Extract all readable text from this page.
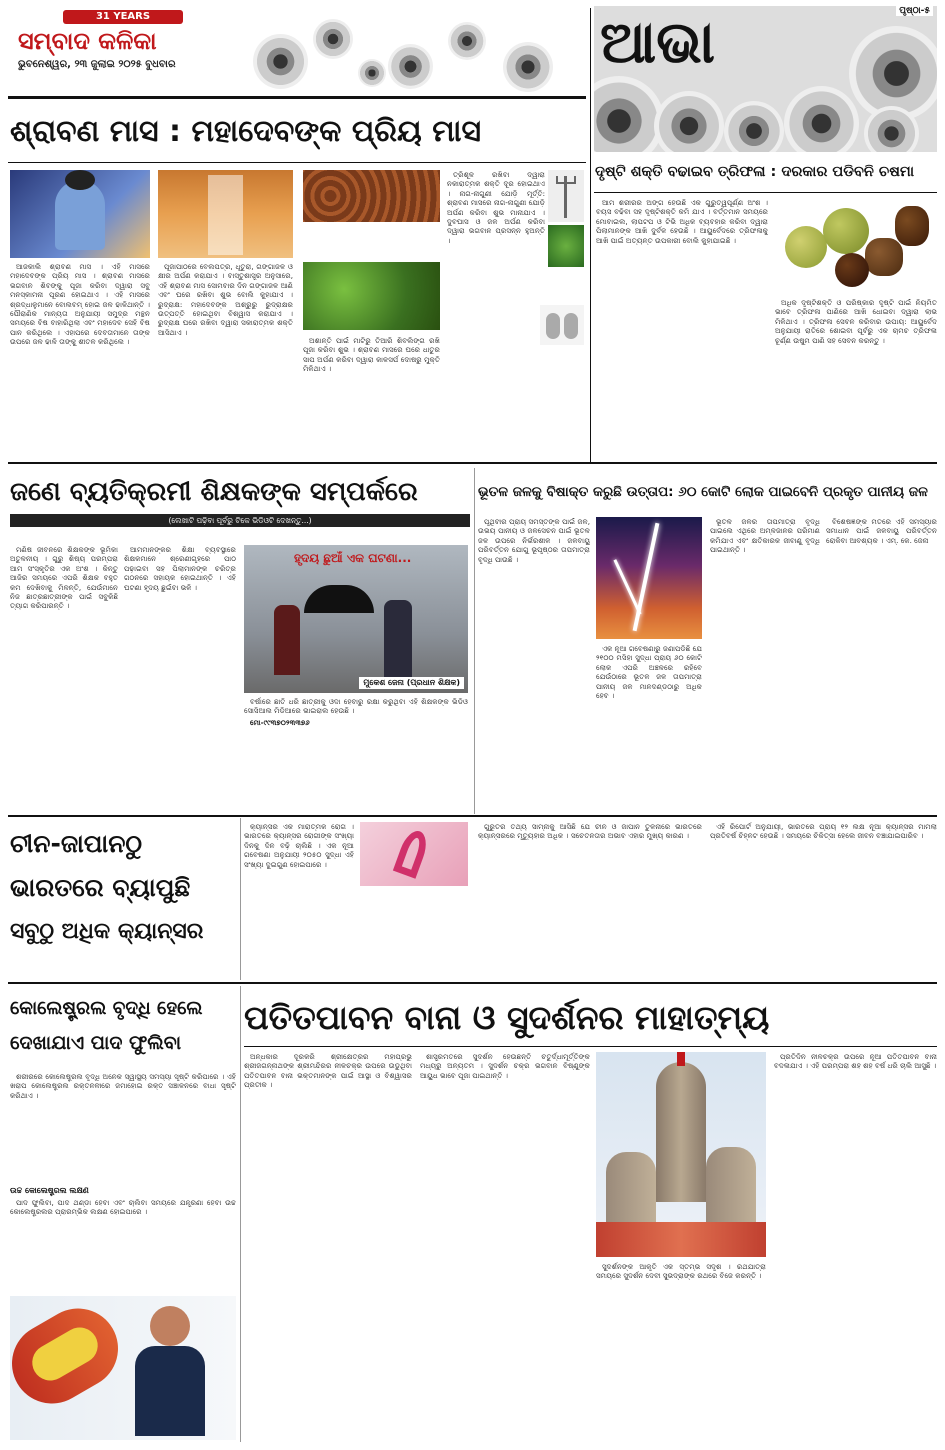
31 YEARS
ସମ୍ବାଦ କଳିକା
ଭୁବନେଶ୍ୱର, ୨୩ ଜୁଲାଇ ୨୦୨୫ ବୁଧବାର	ଆଭା	ପୃଷ୍ଠା-୫
ଶ୍ରାବଣ ମାସ : ମହାଦେବଙ୍କ ପ୍ରିୟ ମାସ

ଆଜକାଲି ଶ୍ରାବଣ ମାସ । ଏହି ମାସରେ ମହାଦେବଙ୍କ ପ୍ରିୟ ମାସ । ଶ୍ରାବଣ ମାସରେ ଭଗବାନ ଶିବଙ୍କୁ ପୂଜା କରିବା ଦ୍ୱାରା ସବୁ ମନସ୍କାମନା ପୂରଣ ହୋଇଥାଏ । ଏହି ମାସରେ ଶ୍ରଦ୍ଧାଳୁମାନେ ବୋଲବମ୍ ହୋଇ ଜଳ ଢାଳିଥାନ୍ତି । ପୌରାଣିକ ମାନ୍ୟତା ଅନୁଯାୟୀ ସମୁଦ୍ର ମନ୍ଥନ ସମୟରେ ବିଷ ବାହାରିଥିଲା ଏବଂ ମହାଦେବ ସେହି ବିଷ ପାନ କରିଥିଲେ । ଏହାପରେ ଦେବତାମାନେ ତାଙ୍କ ଉପରେ ଜଳ ଢାଳି ତାଙ୍କୁ ଶୀତଳ କରିଥିଲେ ।

ପୂଜାପାଠରେ ବେଲପତ୍ର, ଧୂତୁରା, ଗଙ୍ଗାଜଳ ଓ କ୍ଷୀର ଅର୍ପଣ କରାଯାଏ । ବାସ୍ତୁଶାସ୍ତ୍ର ଅନୁସାରେ, ଏହି ଶ୍ରାବଣ ମାସ ସୋମବାର ଦିନ ଗଙ୍ଗାଜଳ ଆଣି ଏବଂ ଘରେ ରଖିବା ଶୁଭ ବୋଲି କୁହାଯାଏ । ରୁଦ୍ରାକ୍ଷ: ମହାଦେବଙ୍କ ଅଶ୍ରୁରୁ ରୁଦ୍ରାକ୍ଷର ଉତ୍ପତ୍ତି ହୋଇଥିବା ବିଶ୍ୱାସ କରାଯାଏ । ରୁଦ୍ରାକ୍ଷ ଘରେ ରଖିବା ଦ୍ୱାରା ସକାରାତ୍ମକ ଶକ୍ତି ଆସିଥାଏ ।

ଅଶାନ୍ତି ପାଇଁ ମାଟିରୁ ତିଆରି ଶିବଲିଙ୍ଗ ରଖି ପୂଜା କରିବା ଶୁଭ । ଶ୍ରାବଣ ମାସରେ ଘରେ ଧାତୁର ସାପ ଅର୍ପଣ କରିବା ଦ୍ୱାରା କାଳସର୍ପ ଦୋଷରୁ ମୁକ୍ତି ମିଳିଥାଏ ।

ତ୍ରିଶୂଳ ରଖିବା ଦ୍ୱାରା ନକାରାତ୍ମକ ଶକ୍ତି ଦୂର ହୋଇଥାଏ । ନାଗ-ନାଗୁଣୀ ଯୋଡ଼ି ମୂର୍ତ୍ତି: ଶ୍ରାବଣ ମାସରେ ନାଗ-ନାଗୁଣୀ ଯୋଡ଼ି ଅର୍ପଣ କରିବା ଶୁଭ ମାନାଯାଏ । ଦୁବଘାସ ଓ ଜଳ ଅର୍ପଣ କରିବା ଦ୍ୱାରା ଭଗବାନ ପ୍ରସନ୍ନ ହୁଅନ୍ତି ।

ଦୃଷ୍ଟି ଶକ୍ତି ବଢାଇବ ତ୍ରିଫଳା : ଦରକାର ପଡିବନି ଚଷମା

ଆମ ଶରୀରର ଅଙ୍ଗ ହେଉଛି ଏକ ଗୁରୁତ୍ୱପୂର୍ଣ୍ଣ ଅଂଶ । ବୟସ ବଢିବା ସହ ଦୃଷ୍ଟିଶକ୍ତି କମି ଯାଏ । ବର୍ତ୍ତମାନ ସମୟରେ ମୋବାଇଲ, ଲାପଟପ ଓ ଟିଭି ଅଧିକ ବ୍ୟବହାର କରିବା ଦ୍ୱାରା ପିଲାମାନଙ୍କ ଆଖି ଦୁର୍ବଳ ହେଉଛି । ଆୟୁର୍ବେଦରେ ତ୍ରିଫଳାକୁ ଆଖି ପାଇଁ ଅତ୍ୟନ୍ତ ଉପକାରୀ ବୋଲି କୁହାଯାଇଛି ।

ଅଧିକ ଦୃଷ୍ଟିଶକ୍ତି ଓ ପରିଷ୍କାର ଦୃଷ୍ଟି ପାଇଁ ନିୟମିତ ଭାବେ ତ୍ରିଫଳା ପାଣିରେ ଆଖି ଧୋଇବା ଦ୍ୱାରା ଲାଭ ମିଳିଥାଏ । ତ୍ରିଫଳା ସେବନ କରିବାର ଉପାୟ: ଆୟୁର୍ବେଦ ଅନୁଯାୟୀ ରାତିରେ ଶୋଇବା ପୂର୍ବରୁ ଏକ ଚାମଚ ତ୍ରିଫଳା ଚୂର୍ଣ୍ଣ ଉଷୁମ ପାଣି ସହ ସେବନ କରନ୍ତୁ ।

ଜଣେ ବ୍ୟତିକ୍ରମୀ ଶିକ୍ଷକଙ୍କ ସମ୍ପର୍କରେ
(ଲେଖାଟି ପଢ଼ିବା ପୂର୍ବରୁ ଟିକେ ଭିଡିଓଟି ଦେଖନ୍ତୁ...)

ମଣିଷ ଜୀବନରେ ଶିକ୍ଷକଙ୍କ ଭୂମିକା ଅତୁଳନୀୟ । ଗୁରୁ ଶିଷ୍ୟ ପରମ୍ପରା ଆମ ସଂସ୍କୃତିର ଏକ ଅଂଶ । କିନ୍ତୁ ଆଜିର ସମୟରେ ଏପରି ଶିକ୍ଷକ ବହୁତ କମ ଦେଖିବାକୁ ମିଳନ୍ତି, ଯେଉଁମାନେ ନିଜ ଛାତ୍ରଛାତ୍ରୀଙ୍କ ପାଇଁ ସବୁକିଛି ତ୍ୟାଗ କରିପାରନ୍ତି ।

ଆମମାନଙ୍କର ଶିକ୍ଷା ବ୍ୟବସ୍ଥାରେ ଶିକ୍ଷକମାନେ ଶ୍ରେଣୀଗୃହରେ ପାଠ ପଢ଼ାଇବା ସହ ପିଲାମାନଙ୍କ ଚରିତ୍ର ଗଠନରେ ସହାୟକ ହୋଇଥାନ୍ତି । ଏହି ଘଟଣା ହୃଦୟ ଛୁଇଁବା ଭଳି ।

ହୃଦୟ ଛୁଆଁ ଏକ ଘଟଣା...
ମୁକେଶ ଜେନା (ପ୍ରଧାନ ଶିକ୍ଷକ)

ବର୍ଷାରେ ଛାତି ଧରି ଛାତ୍ରୀକୁ ଓଦା ହେବାରୁ ରକ୍ଷା କରୁଥିବା ଏହି ଶିକ୍ଷକଙ୍କ ଭିଡିଓ ସୋସିଆଲ ମିଡିଆରେ ଭାଇରାଲ ହେଉଛି ।

ମୋ-୯୯୩୭୦୨୩୩୭୬

ଭୂତଳ ଜଳକୁ ବିଷାକ୍ତ କରୁଛି ଉତ୍ତାପ: ୬୦ କୋଟି ଲୋକ ପାଇବେନି ପ୍ରକୃତ ପାନୀୟ ଜଳ

ପୃଥିବୀର ପ୍ରାୟ ସମସ୍ତଙ୍କ ପାଇଁ ଜଳ, ଉଭୟ ପାନୀୟ ଓ ଜଳସେଚନ ପାଇଁ ଭୂତଳ ଜଳ ଉପରେ ନିର୍ଭରଶୀଳ । ଜଳବାୟୁ ପରିବର୍ତ୍ତନ ଯୋଗୁ ଭୂପୃଷ୍ଠର ତାପମାତ୍ରା ବୃଦ୍ଧି ପାଉଛି ।

ଏକ ନୂଆ ଗବେଷଣାରୁ ଜଣାପଡିଛି ଯେ ୨୧୦୦ ମସିହା ସୁଦ୍ଧା ପ୍ରାୟ ୬୦ କୋଟି ଲୋକ ଏପରି ଅଞ୍ଚଳରେ ରହିବେ ଯେଉଁଠାରେ ଭୂତଳ ଜଳ ତାପମାତ୍ରା ପାନୀୟ ଜଳ ମାନଦଣ୍ଡଠାରୁ ଅଧିକ ହେବ ।

ଭୂତଳ ଜଳର ତାପମାତ୍ରା ବୃଦ୍ଧି ପାଇଲେ ଏଥିରେ ଅମ୍ଳଜାନର ପରିମାଣ କମିଯାଏ ଏବଂ କ୍ଷତିକାରକ ଜୀବାଣୁ ବୃଦ୍ଧି ପାଇଥାନ୍ତି ।

ବିଶେଷଜ୍ଞଙ୍କ ମତରେ ଏହି ସମସ୍ୟାର ସମାଧାନ ପାଇଁ ଜଳବାୟୁ ପରିବର୍ତ୍ତନ ରୋକିବା ଆବଶ୍ୟକ । ଏମ୍. କେ. ଜେନା

ଚୀନ-ଜାପାନଠୁ
ଭାରତରେ ବ୍ୟାପୁଛି
ସବୁଠୁ ଅଧିକ କ୍ୟାନ୍ସର

କ୍ୟାନ୍ସର ଏକ ମାରାତ୍ମକ ରୋଗ । ଭାରତରେ କ୍ୟାନ୍ସର ରୋଗୀଙ୍କ ସଂଖ୍ୟା ଦିନକୁ ଦିନ ବଢ଼ି ଚାଲିଛି । ଏକ ନୂଆ ଗବେଷଣା ଅନୁଯାୟୀ ୨୦୫୦ ସୁଦ୍ଧା ଏହି ସଂଖ୍ୟା ଦୁଇଗୁଣ ହୋଇପାରେ ।

ଗୁରୁତର ତଥ୍ୟ ସାମ୍ନାକୁ ଆସିଛି ଯେ ଚୀନ ଓ ଜାପାନ ତୁଳନାରେ ଭାରତରେ କ୍ୟାନ୍ସରରେ ମୃତ୍ୟୁହାର ଅଧିକ । ସଚେତନତାର ଅଭାବ ଏହାର ମୁଖ୍ୟ କାରଣ ।

ଏହି ରିପୋର୍ଟ ଅନୁଯାୟୀ, ଭାରତରେ ପ୍ରାୟ ୧୨ ଲକ୍ଷ ନୂଆ କ୍ୟାନ୍ସର ମାମଲା ପ୍ରତିବର୍ଷ ଚିହ୍ନଟ ହେଉଛି । ସମୟରେ ଚିକିତ୍ସା ହେଲେ ଜୀବନ ବଞ୍ଚାଯାଇପାରିବ ।

କୋଲେଷ୍ଟ୍ରଲ ବୃଦ୍ଧି ହେଲେ
ଦେଖାଯାଏ ପାଦ ଫୁଲିବା

ଶରୀରରେ କୋଲେଷ୍ଟ୍ରଲ ବୃଦ୍ଧି ଅନେକ ସ୍ୱାସ୍ଥ୍ୟ ସମସ୍ୟା ସୃଷ୍ଟି କରିପାରେ । ଏହି ଖରାପ କୋଲେଷ୍ଟ୍ରଲ ରକ୍ତନଳୀରେ ଜମାହୋଇ ରକ୍ତ ସଞ୍ଚାଳନରେ ବାଧା ସୃଷ୍ଟି କରିଥାଏ ।

ଉଚ୍ଚ କୋଲେଷ୍ଟ୍ରଲ ଲକ୍ଷଣ

ପାଦ ଫୁଲିବା, ପାଦ ଥଣ୍ଡା ହେବା ଏବଂ ଚାଲିବା ସମୟରେ ଯନ୍ତ୍ରଣା ହେବା ଉଚ୍ଚ କୋଲେଷ୍ଟ୍ରଲର ପ୍ରାରମ୍ଭିକ ଲକ୍ଷଣ ହୋଇପାରେ ।

ପତିତପାବନ ବାନା ଓ ସୁଦର୍ଶନର ମାହାତ୍ମ୍ୟ

ଅନ୍ଧକାର ଦୂରକରି ଶ୍ରୀକ୍ଷେତ୍ରର ମହାପ୍ରଭୁ ଶ୍ରୀଜଗନ୍ନାଥଙ୍କ ଶ୍ରୀମନ୍ଦିରର ନୀଳଚକ୍ର ଉପରେ ଉଡୁଥିବା ପତିତପାବନ ବାନା ଭକ୍ତମାନଙ୍କ ପାଇଁ ଆସ୍ଥା ଓ ବିଶ୍ୱାସର ପ୍ରତୀକ ।

ଶାସ୍ତ୍ରମତରେ ସୁଦର୍ଶନ ହେଉଛନ୍ତି ଚତୁର୍ଦ୍ଧାମୂର୍ତ୍ତିଙ୍କ ମଧ୍ୟରୁ ଅନ୍ୟତମ । ସୁଦର୍ଶନ ଚକ୍ର ଭଗବାନ ବିଷ୍ଣୁଙ୍କ ଆୟୁଧ ଭାବେ ପୂଜା ପାଇଥାନ୍ତି ।

ସୁଦର୍ଶନଙ୍କ ଆକୃତି ଏକ ସ୍ତମ୍ଭ ସଦୃଶ । ରଥଯାତ୍ରା ସମୟରେ ସୁଦର୍ଶନ ଦେବୀ ସୁଭଦ୍ରାଙ୍କ ରଥରେ ବିଜେ କରନ୍ତି ।

ପ୍ରତିଦିନ ନୀଳଚକ୍ର ଉପରେ ନୂଆ ପତିତପାବନ ବାନା ବଦଳାଯାଏ । ଏହି ପରମ୍ପରା ଶହ ଶହ ବର୍ଷ ଧରି ଚାଲି ଆସୁଛି ।
